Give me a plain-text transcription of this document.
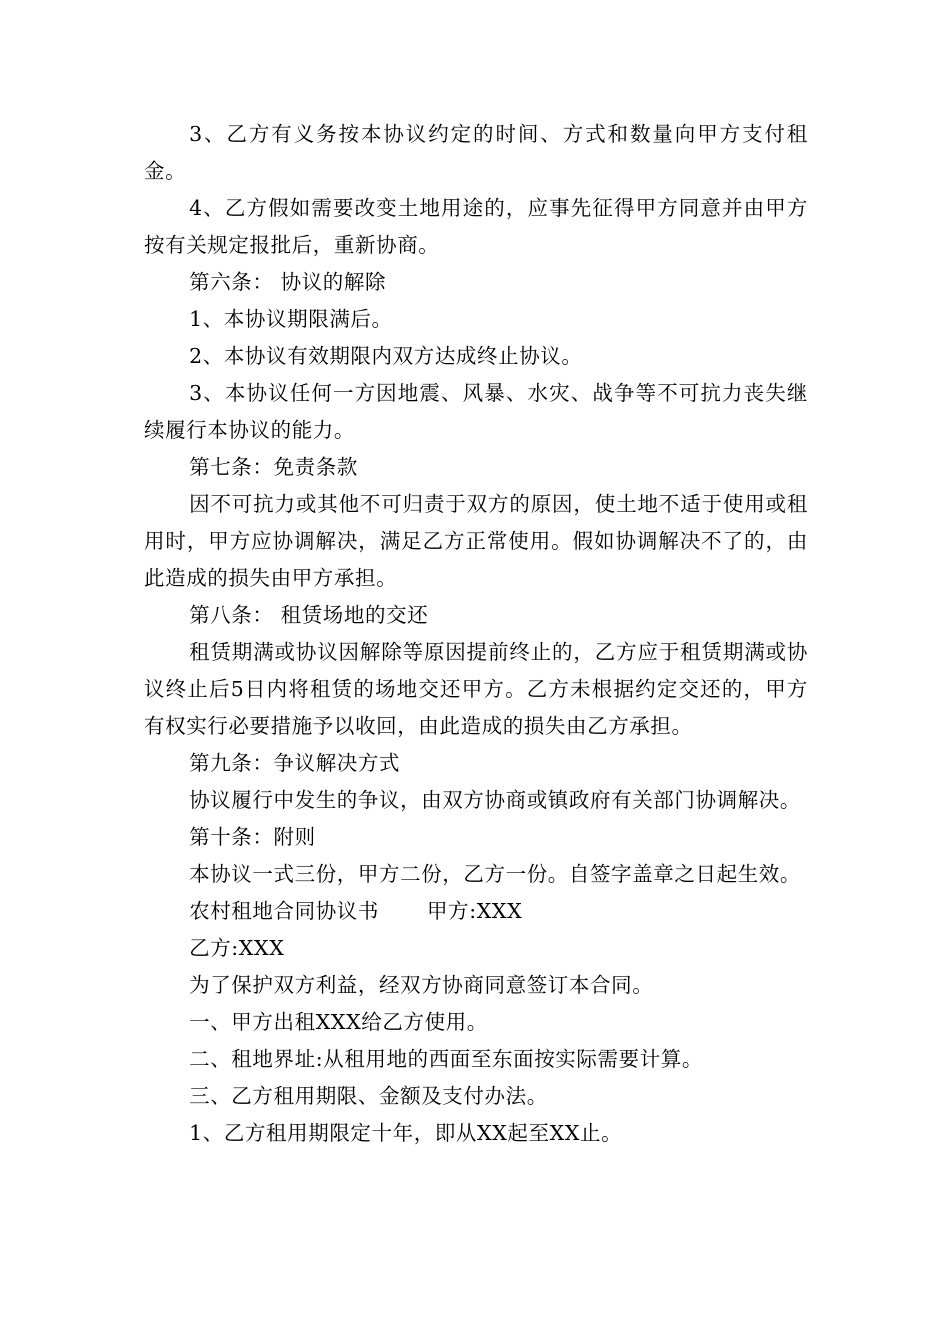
3、乙方有义务按本协议约定的时间、方式和数量向甲方支付租金。

4、乙方假如需要改变土地用途的，应事先征得甲方同意并由甲方按有关规定报批后，重新协商。

第六条： 协议的解除

1、本协议期限满后。

2、本协议有效期限内双方达成终止协议。

3、本协议任何一方因地震、风暴、水灾、战争等不可抗力丧失继续履行本协议的能力。

第七条：免责条款

因不可抗力或其他不可归责于双方的原因，使土地不适于使用或租用时，甲方应协调解决，满足乙方正常使用。假如协调解决不了的，由此造成的损失由甲方承担。

第八条： 租赁场地的交还

租赁期满或协议因解除等原因提前终止的，乙方应于租赁期满或协议终止后5日内将租赁的场地交还甲方。乙方未根据约定交还的，甲方有权实行必要措施予以收回，由此造成的损失由乙方承担。

第九条：争议解决方式

协议履行中发生的争议，由双方协商或镇政府有关部门协调解决。

第十条：附则

本协议一式三份，甲方二份，乙方一份。自签字盖章之日起生效。

农村租地合同协议书 甲方:XXX

乙方:XXX

为了保护双方利益，经双方协商同意签订本合同。

一、甲方出租XXX给乙方使用。

二、租地界址:从租用地的西面至东面按实际需要计算。

三、乙方租用期限、金额及支付办法。

1、乙方租用期限定十年，即从XX起至XX止。
